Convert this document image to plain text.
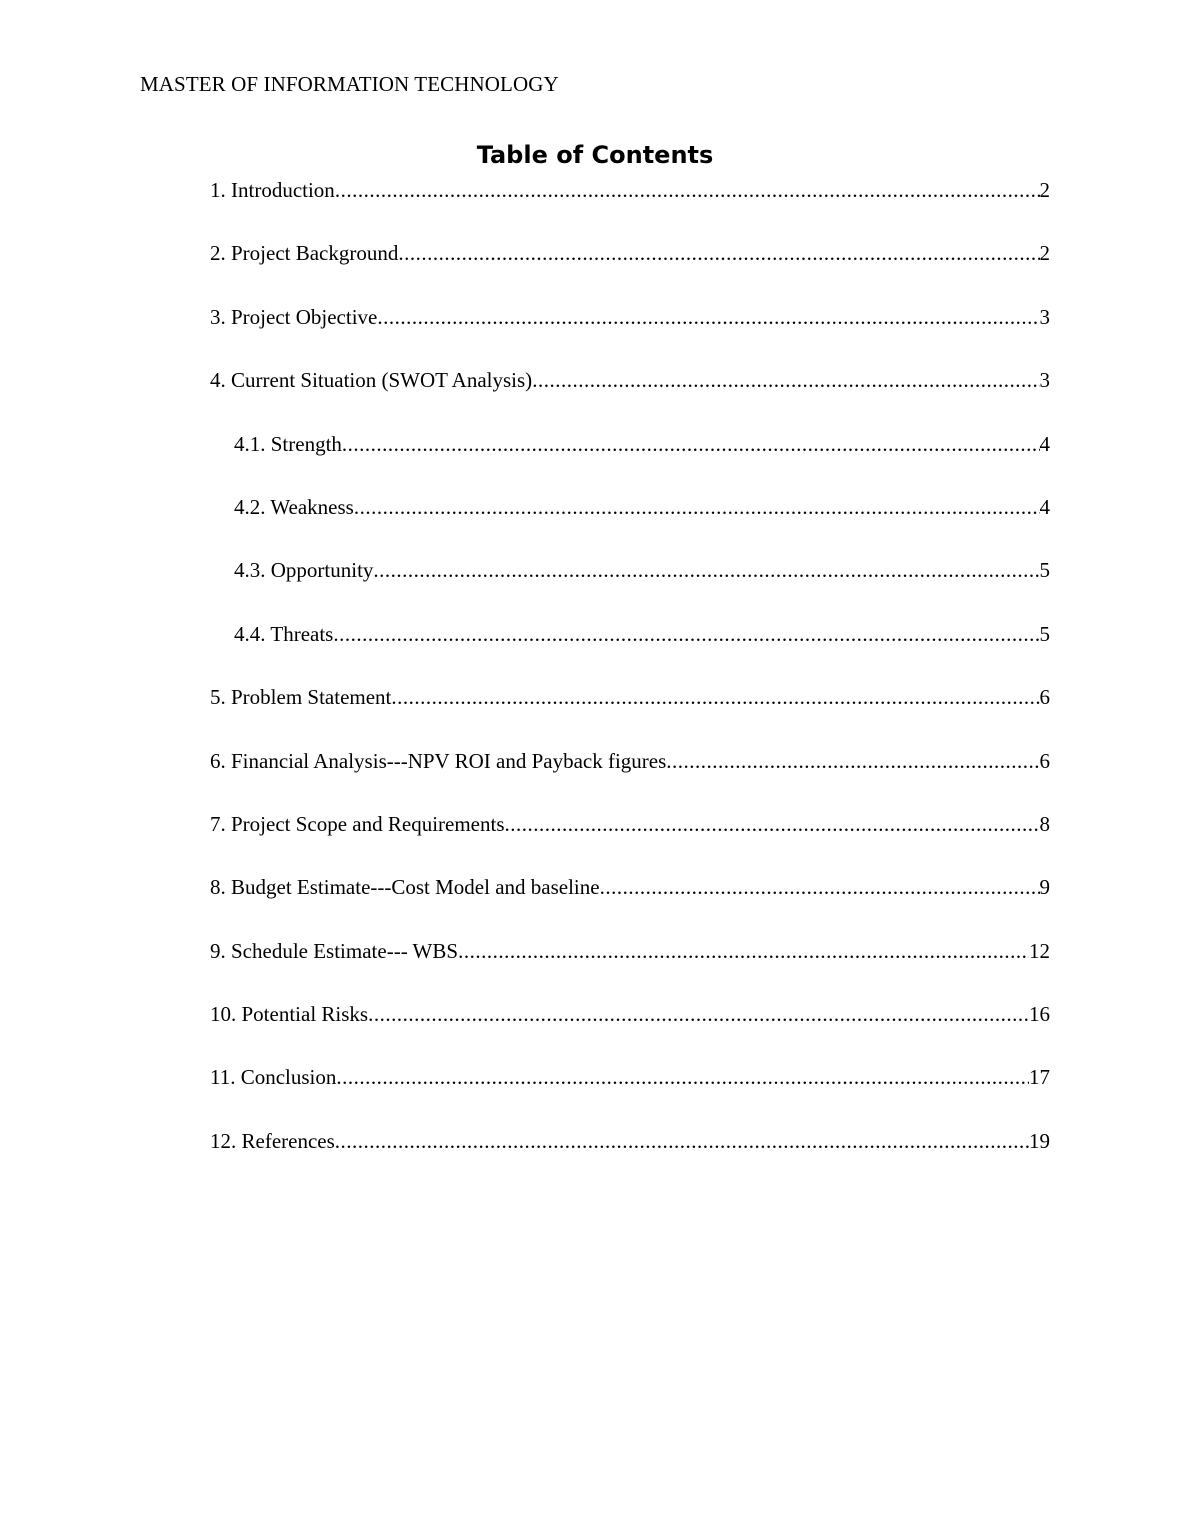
MASTER OF INFORMATION TECHNOLOGY
Table of Contents
1. Introduction .....	2
2. Project Background .....	2
3. Project Objective .....	3
4. Current Situation (SWOT Analysis) .....	3
4.1. Strength .....	4
4.2. Weakness .....	4
4.3. Opportunity .....	5
4.4. Threats .....	5
5. Problem Statement .....	6
6. Financial Analysis---NPV ROI and Payback figures .....	6
7. Project Scope and Requirements .....	8
8. Budget Estimate---Cost Model and baseline .....	9
9. Schedule Estimate--- WBS .....	12
10. Potential Risks .....	16
11. Conclusion .....	17
12. References .....	19
